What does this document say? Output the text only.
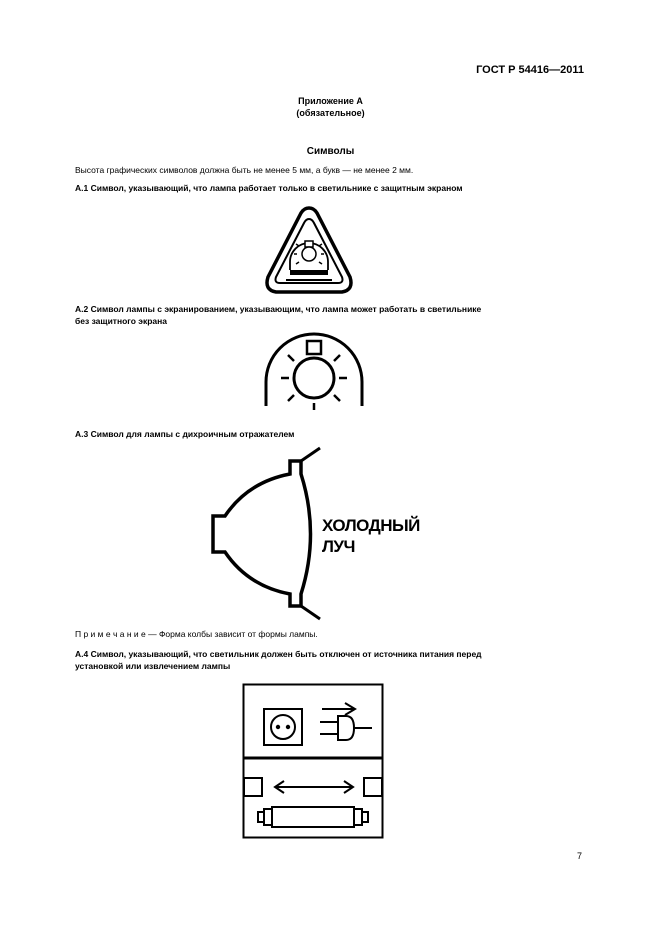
ГОСТ Р 54416—2011
Приложение А
(обязательное)
Символы
Высота графических символов должна быть не менее 5 мм, а букв — не менее 2 мм.
А.1 Символ, указывающий, что лампа работает только в светильнике с защитным экраном
А.2 Символ лампы с экранированием, указывающим, что лампа может работать в светильнике
без защитного экрана
А.3 Символ для лампы с дихроичным отражателем
ХОЛОДНЫЙ
ЛУЧ
П р и м е ч а н и е — Форма колбы зависит от формы лампы.
А.4 Символ, указывающий, что светильник должен быть отключен от источника питания перед
установкой или извлечением лампы
7
